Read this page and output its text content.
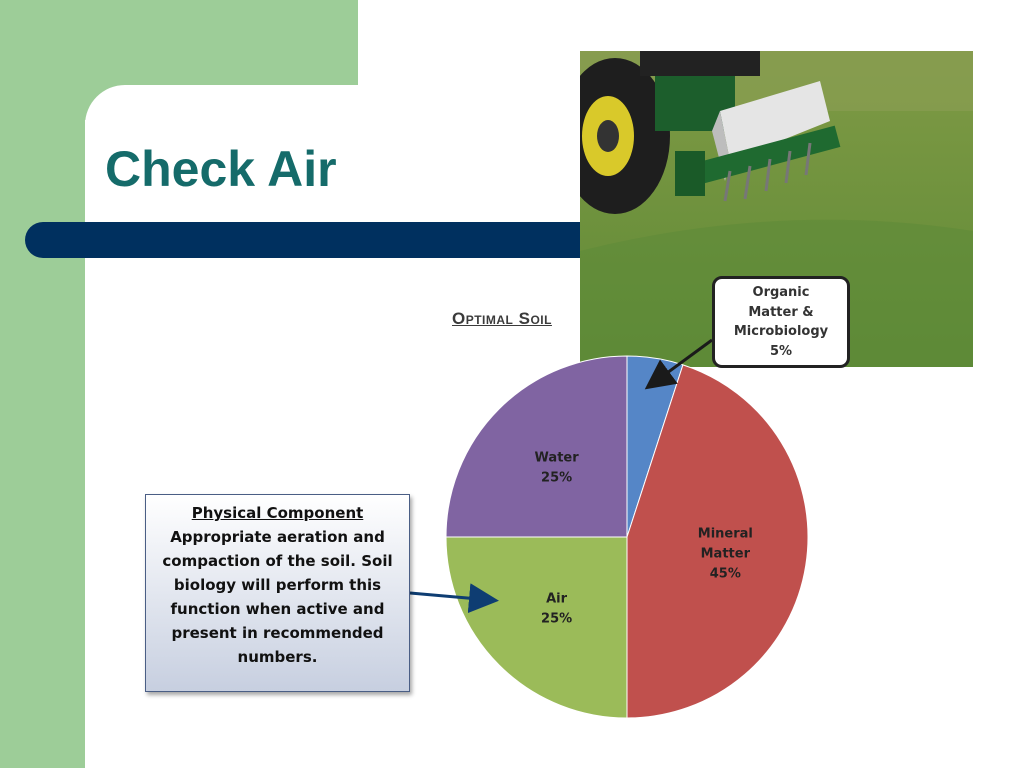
Check Air
Optimal Soil
Mineral Matter 45%
Air 25%
Water 25%
Organic
Matter &
Microbiology
5%
Physical Component
Appropriate aeration and compaction of the soil. Soil biology will perform this function when active and present in recommended numbers.
